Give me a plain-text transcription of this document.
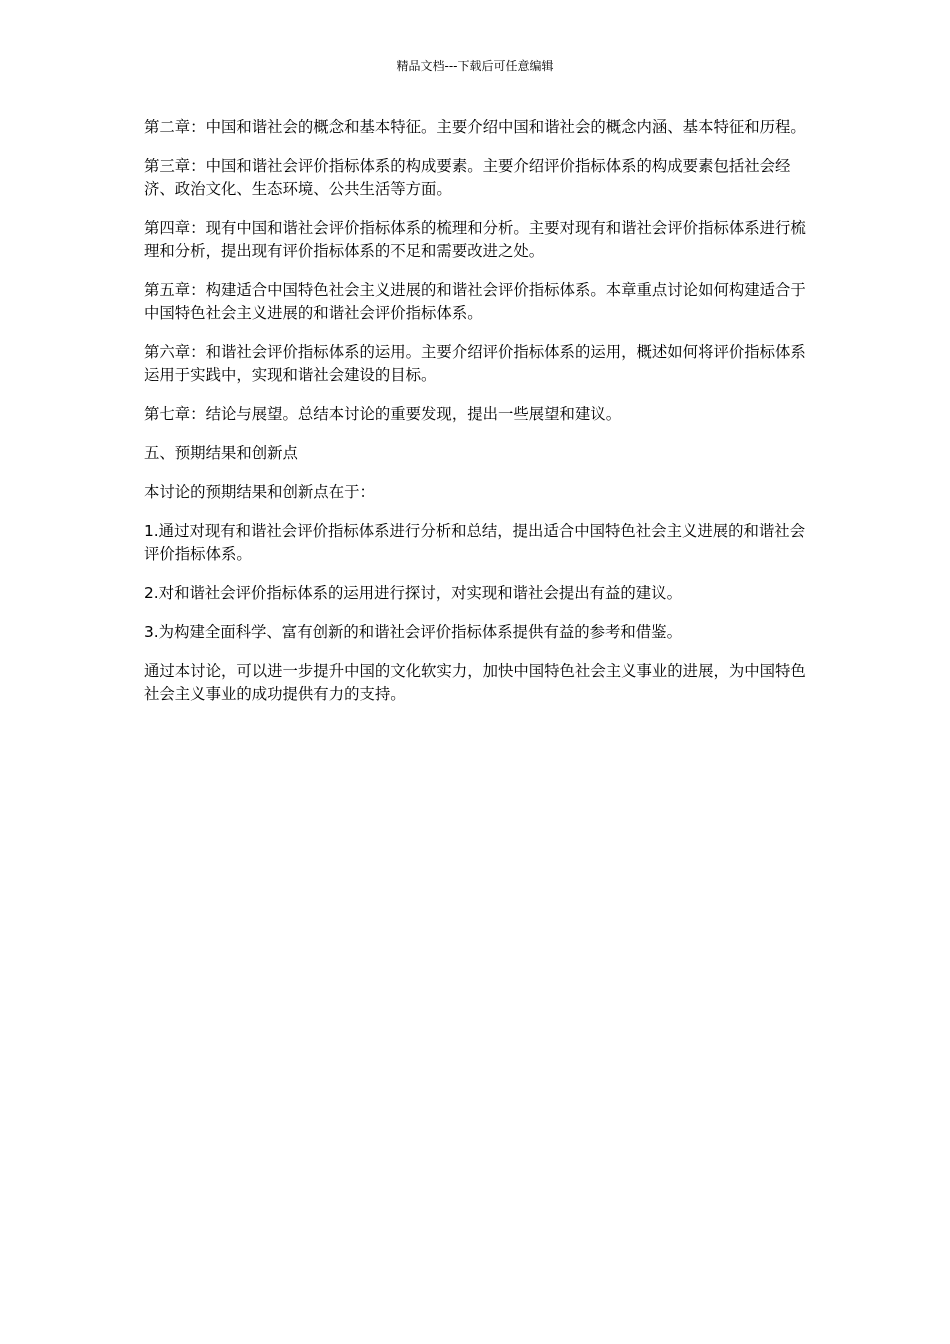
精品文档---下载后可任意编辑

第二章：中国和谐社会的概念和基本特征。主要介绍中国和谐社会的概念内涵、基本特征和历程。

第三章：中国和谐社会评价指标体系的构成要素。主要介绍评价指标体系的构成要素包括社会经济、政治文化、生态环境、公共生活等方面。

第四章：现有中国和谐社会评价指标体系的梳理和分析。主要对现有和谐社会评价指标体系进行梳理和分析，提出现有评价指标体系的不足和需要改进之处。

第五章：构建适合中国特色社会主义进展的和谐社会评价指标体系。本章重点讨论如何构建适合于中国特色社会主义进展的和谐社会评价指标体系。

第六章：和谐社会评价指标体系的运用。主要介绍评价指标体系的运用，概述如何将评价指标体系运用于实践中，实现和谐社会建设的目标。

第七章：结论与展望。总结本讨论的重要发现，提出一些展望和建议。

五、预期结果和创新点

本讨论的预期结果和创新点在于：

1.通过对现有和谐社会评价指标体系进行分析和总结，提出适合中国特色社会主义进展的和谐社会评价指标体系。

2.对和谐社会评价指标体系的运用进行探讨，对实现和谐社会提出有益的建议。

3.为构建全面科学、富有创新的和谐社会评价指标体系提供有益的参考和借鉴。

通过本讨论，可以进一步提升中国的文化软实力，加快中国特色社会主义事业的进展，为中国特色社会主义事业的成功提供有力的支持。
